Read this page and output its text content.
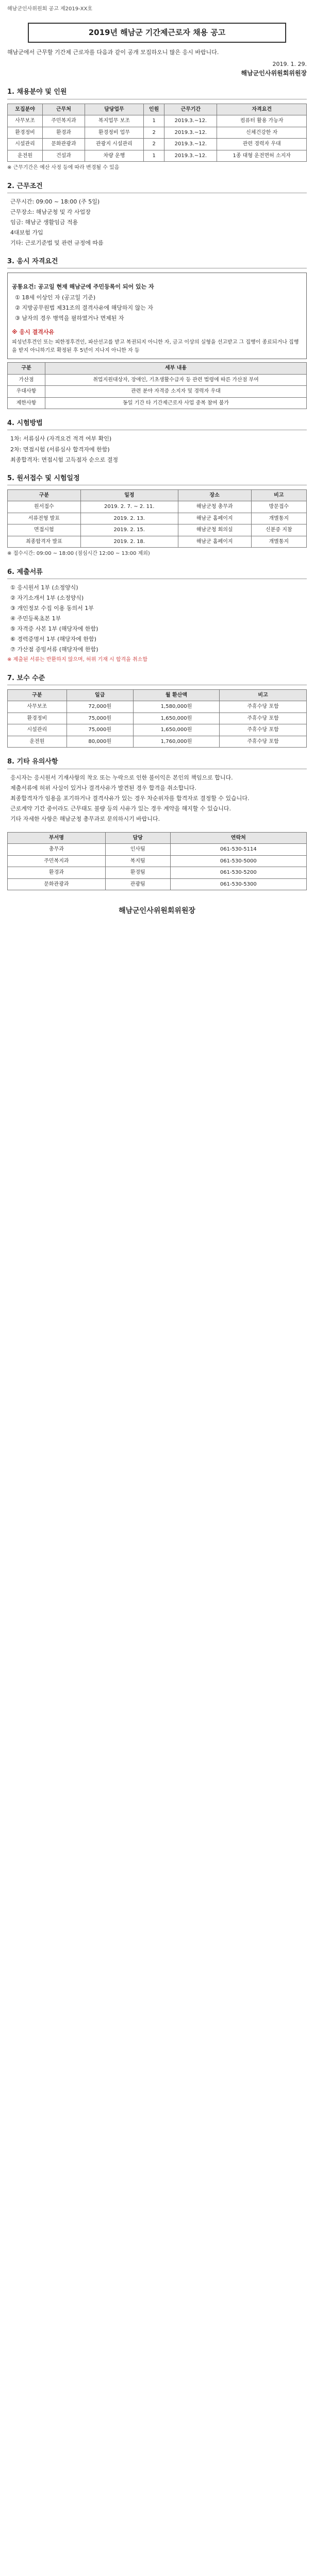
해남군인사위원회 공고 제2019-XX호
2019년 해남군 기간제근로자 채용 공고

해남군에서 근무할 기간제 근로자를 다음과 같이 공개 모집하오니 많은 응시 바랍니다.

2019. 1. 29.
해남군인사위원회위원장
1. 채용분야 및 인원
모집분야	근무처	담당업무	인원	근무기간	자격요건
사무보조	주민복지과	복지업무 보조	1	2019.3.~12.	컴퓨터 활용 가능자
환경정비	환경과	환경정비 업무	2	2019.3.~12.	신체건강한 자
시설관리	문화관광과	관광지 시설관리	2	2019.3.~12.	관련 경력자 우대
운전원	건설과	차량 운행	1	2019.3.~12.	1종 대형 운전면허 소지자
※ 근무기간은 예산 사정 등에 따라 변경될 수 있음
2. 근무조건
근무시간: 09:00 ~ 18:00 (주 5일)
근무장소: 해남군청 및 각 사업장
임금: 해남군 생활임금 적용
4대보험 가입
기타: 근로기준법 및 관련 규정에 따름
3. 응시 자격요건
공통요건: 공고일 현재 해남군에 주민등록이 되어 있는 자
① 18세 이상인 자 (공고일 기준)
② 지방공무원법 제31조의 결격사유에 해당하지 않는 자
③ 남자의 경우 병역을 필하였거나 면제된 자
※ 응시 결격사유

피성년후견인 또는 피한정후견인, 파산선고를 받고 복권되지 아니한 자, 금고 이상의 실형을 선고받고 그 집행이 종료되거나 집행을 받지 아니하기로 확정된 후 5년이 지나지 아니한 자 등

구분	세부 내용
가산점	취업지원대상자, 장애인, 기초생활수급자 등 관련 법령에 따른 가산점 부여
우대사항	관련 분야 자격증 소지자 및 경력자 우대
제한사항	동일 기간 타 기간제근로자 사업 중복 참여 불가
4. 시험방법
1차: 서류심사 (자격요건 적격 여부 확인)
2차: 면접시험 (서류심사 합격자에 한함)
최종합격자: 면접시험 고득점자 순으로 결정
5. 원서접수 및 시험일정
구분	일정	장소	비고
원서접수	2019. 2. 7. ~ 2. 11.	해남군청 총무과	방문접수
서류전형 발표	2019. 2. 13.	해남군 홈페이지	개별통지
면접시험	2019. 2. 15.	해남군청 회의실	신분증 지참
최종합격자 발표	2019. 2. 18.	해남군 홈페이지	개별통지
※ 접수시간: 09:00 ~ 18:00 (점심시간 12:00 ~ 13:00 제외)
6. 제출서류
① 응시원서 1부 (소정양식)
② 자기소개서 1부 (소정양식)
③ 개인정보 수집 이용 동의서 1부
④ 주민등록초본 1부
⑤ 자격증 사본 1부 (해당자에 한함)
⑥ 경력증명서 1부 (해당자에 한함)
⑦ 가산점 증빙서류 (해당자에 한함)
※ 제출된 서류는 반환하지 않으며, 허위 기재 시 합격을 취소함
7. 보수 수준
구분	일급	월 환산액	비고
사무보조	72,000원	1,580,000원	주휴수당 포함
환경정비	75,000원	1,650,000원	주휴수당 포함
시설관리	75,000원	1,650,000원	주휴수당 포함
운전원	80,000원	1,760,000원	주휴수당 포함
8. 기타 유의사항
응시자는 응시원서 기재사항의 착오 또는 누락으로 인한 불이익은 본인의 책임으로 합니다.
제출서류에 허위 사실이 있거나 결격사유가 발견된 경우 합격을 취소합니다.
최종합격자가 임용을 포기하거나 결격사유가 있는 경우 차순위자를 합격자로 결정할 수 있습니다.
근로계약 기간 중이라도 근무태도 불량 등의 사유가 있는 경우 계약을 해지할 수 있습니다.
기타 자세한 사항은 해남군청 총무과로 문의하시기 바랍니다.
부서명	담당	연락처
총무과	인사팀	061-530-5114
주민복지과	복지팀	061-530-5000
환경과	환경팀	061-530-5200
문화관광과	관광팀	061-530-5300
해남군인사위원회위원장
